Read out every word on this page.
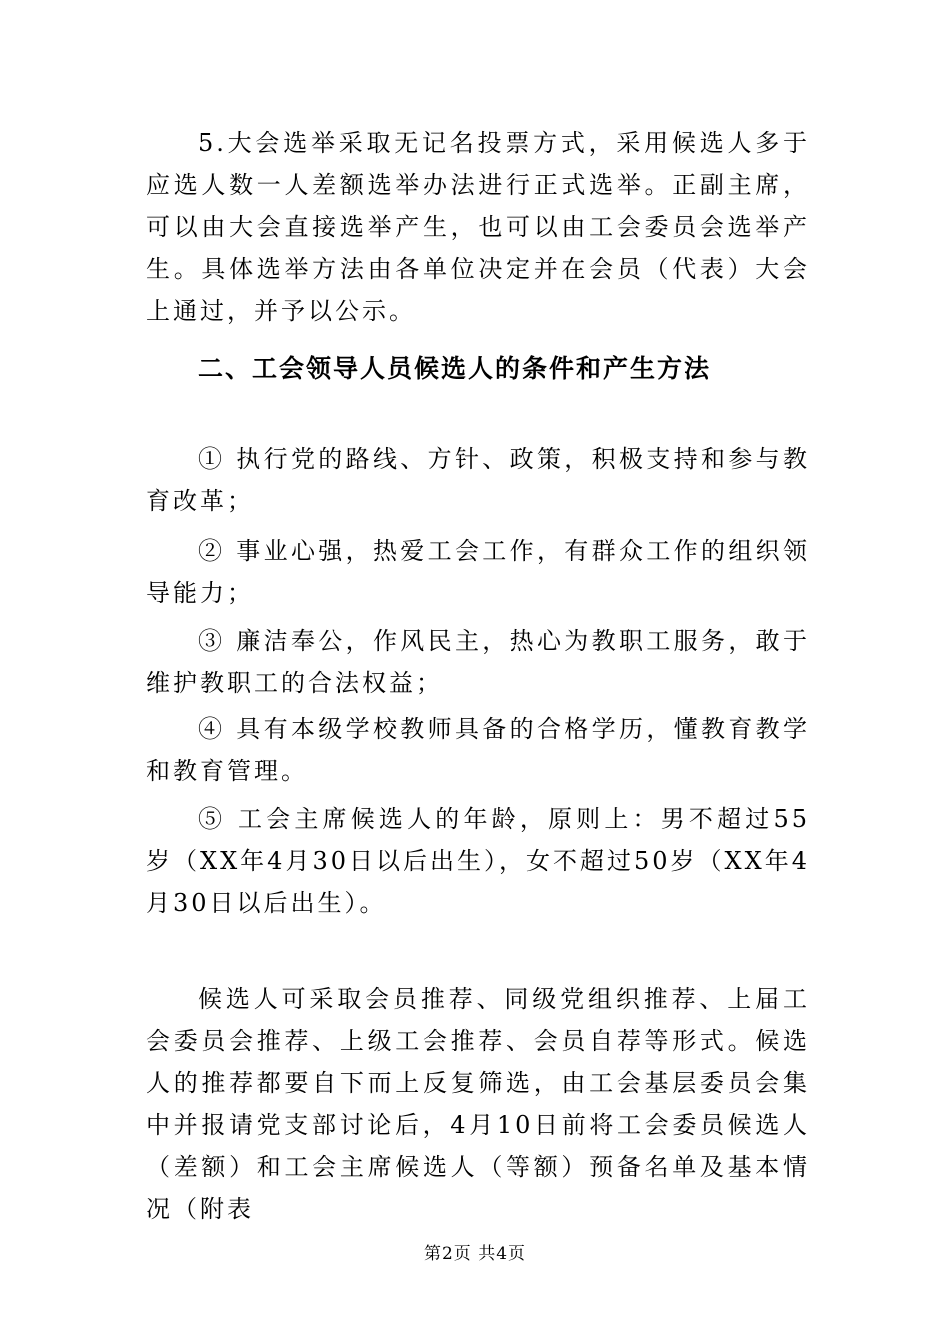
5.大会选举采取无记名投票方式，采用候选人多于应选人数一人差额选举办法进行正式选举。正副主席，可以由大会直接选举产生，也可以由工会委员会选举产生。具体选举方法由各单位决定并在会员（代表）大会上通过，并予以公示。

二、工会领导人员候选人的条件和产生方法

① 执行党的路线、方针、政策，积极支持和参与教育改革；

② 事业心强，热爱工会工作，有群众工作的组织领导能力；

③ 廉洁奉公，作风民主，热心为教职工服务，敢于维护教职工的合法权益；

④ 具有本级学校教师具备的合格学历，懂教育教学和教育管理。

⑤ 工会主席候选人的年龄，原则上：男不超过55岁（XX年4月30日以后出生），女不超过50岁（XX年4月30日以后出生）。

候选人可采取会员推荐、同级党组织推荐、上届工会委员会推荐、上级工会推荐、会员自荐等形式。候选人的推荐都要自下而上反复筛选，由工会基层委员会集中并报请党支部讨论后，4月10日前将工会委员候选人（差额）和工会主席候选人（等额）预备名单及基本情况（附表

第2页 共4页
